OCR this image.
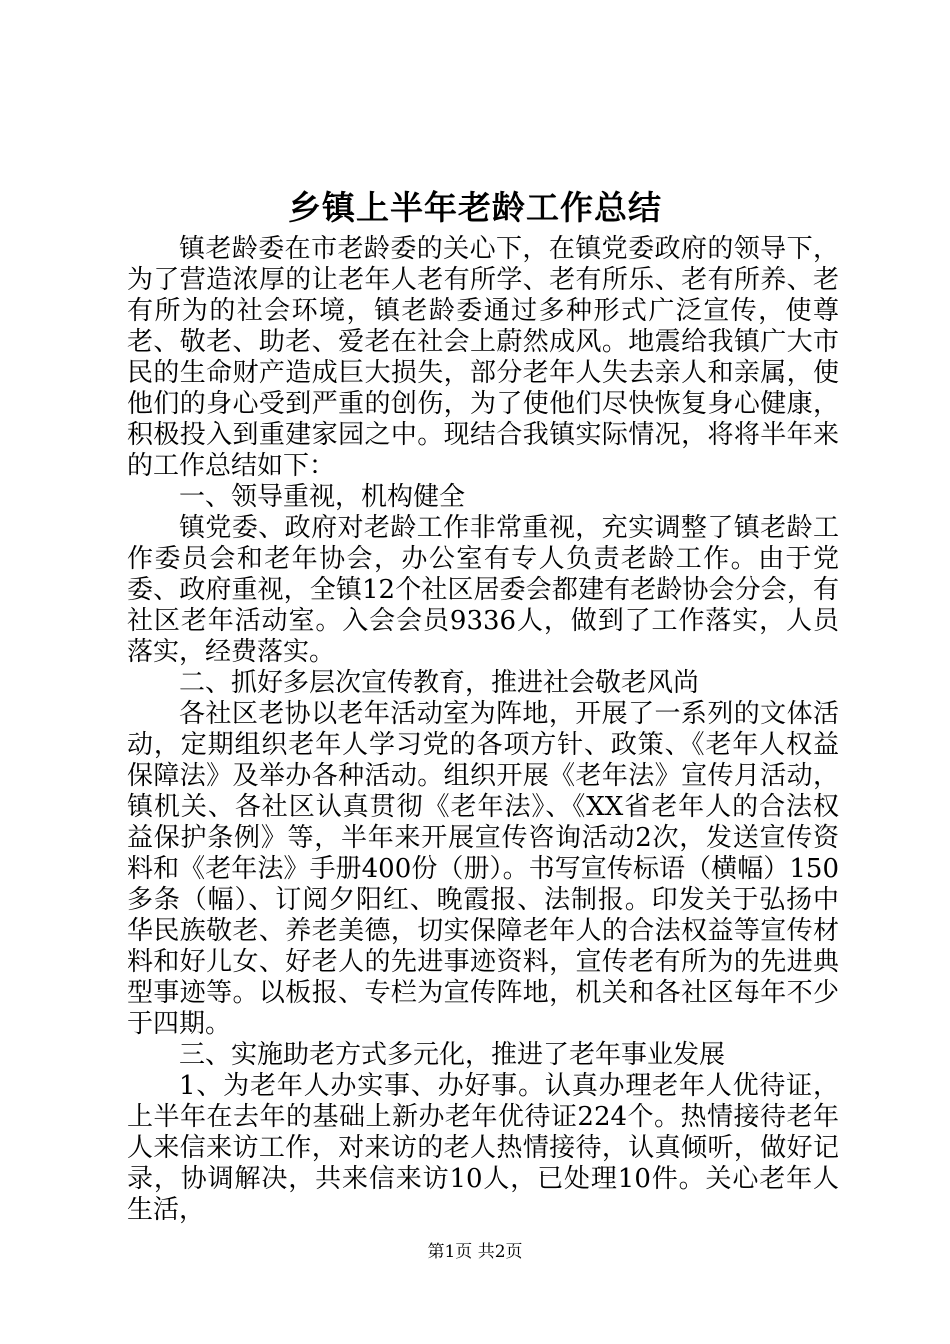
乡镇上半年老龄工作总结

镇老龄委在市老龄委的关心下，在镇党委政府的领导下，为了营造浓厚的让老年人老有所学、老有所乐、老有所养、老有所为的社会环境，镇老龄委通过多种形式广泛宣传，使尊老、敬老、助老、爱老在社会上蔚然成风。地震给我镇广大市民的生命财产造成巨大损失，部分老年人失去亲人和亲属，使他们的身心受到严重的创伤，为了使他们尽快恢复身心健康，积极投入到重建家园之中。现结合我镇实际情况，将将半年来的工作总结如下：

一、领导重视，机构健全

镇党委、政府对老龄工作非常重视，充实调整了镇老龄工作委员会和老年协会，办公室有专人负责老龄工作。由于党委、政府重视，全镇12个社区居委会都建有老龄协会分会，有社区老年活动室。入会会员9336人，做到了工作落实，人员落实，经费落实。

二、抓好多层次宣传教育，推进社会敬老风尚

各社区老协以老年活动室为阵地，开展了一系列的文体活动，定期组织老年人学习党的各项方针、政策、《老年人权益保障法》及举办各种活动。组织开展《老年法》宣传月活动，镇机关、各社区认真贯彻《老年法》、《XX省老年人的合法权益保护条例》等，半年来开展宣传咨询活动2次，发送宣传资料和《老年法》手册400份（册）。书写宣传标语（横幅）150多条（幅）、订阅夕阳红、晚霞报、法制报。印发关于弘扬中华民族敬老、养老美德，切实保障老年人的合法权益等宣传材料和好儿女、好老人的先进事迹资料，宣传老有所为的先进典型事迹等。以板报、专栏为宣传阵地，机关和各社区每年不少于四期。

三、实施助老方式多元化，推进了老年事业发展

1、为老年人办实事、办好事。认真办理老年人优待证，上半年在去年的基础上新办老年优待证224个。热情接待老年人来信来访工作，对来访的老人热情接待，认真倾听，做好记录，协调解决，共来信来访10人，已处理10件。关心老年人生活，

第1页 共2页
